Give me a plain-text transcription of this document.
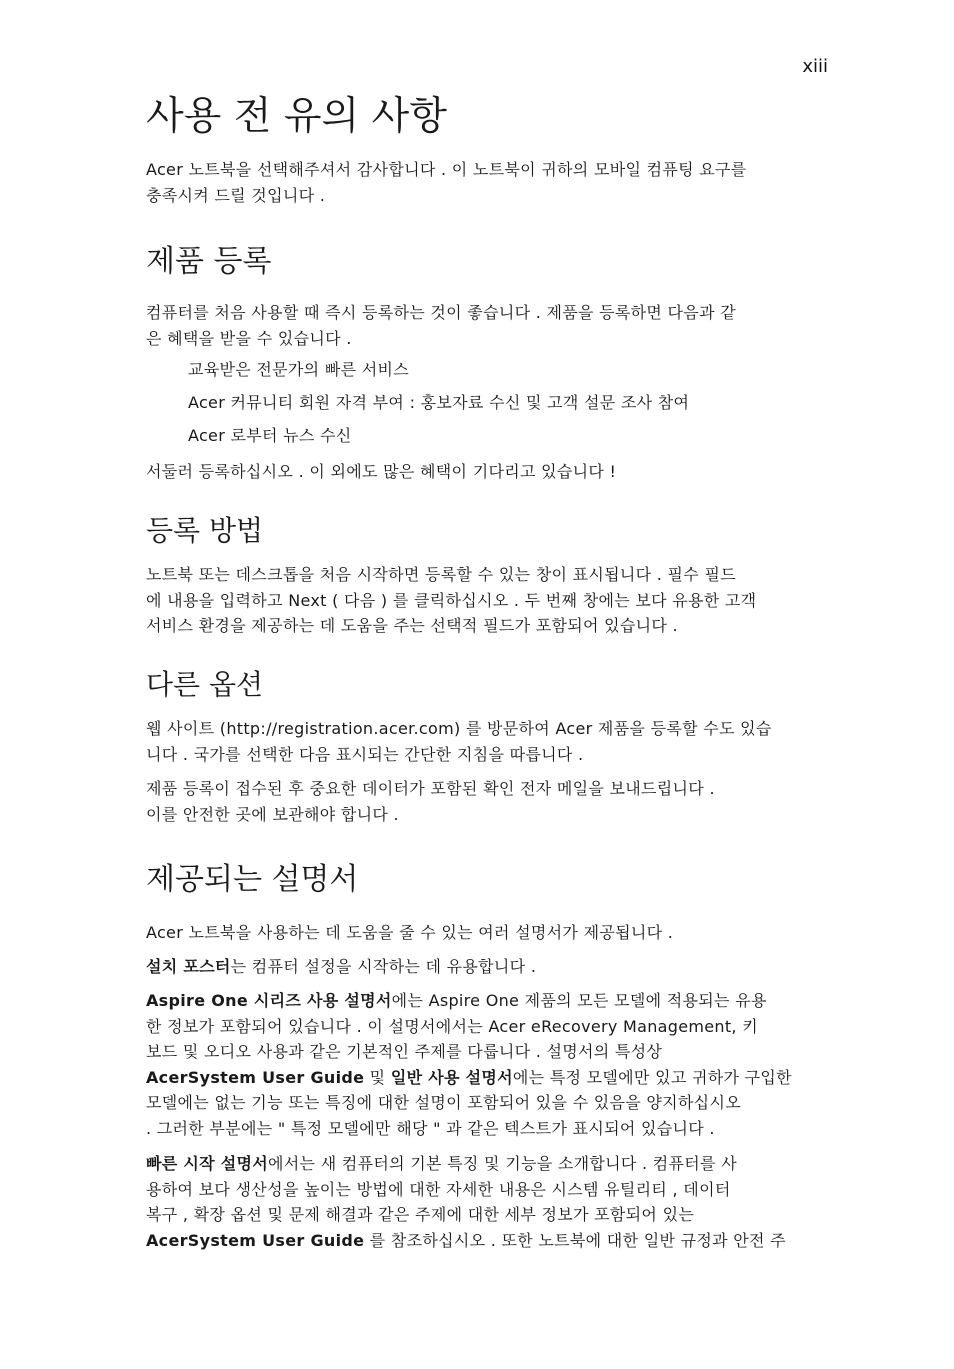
xiii
사용 전 유의 사항

Acer 노트북을 선택해주셔서 감사합니다 . 이 노트북이 귀하의 모바일 컴퓨팅 요구를

충족시켜 드릴 것입니다 .

제품 등록

컴퓨터를 처음 사용할 때 즉시 등록하는 것이 좋습니다 . 제품을 등록하면 다음과 같

은 혜택을 받을 수 있습니다 .

교육받은 전문가의 빠른 서비스

Acer 커뮤니티 회원 자격 부여 : 홍보자료 수신 및 고객 설문 조사 참여

Acer 로부터 뉴스 수신

서둘러 등록하십시오 . 이 외에도 많은 혜택이 기다리고 있습니다 !

등록 방법

노트북 또는 데스크톱을 처음 시작하면 등록할 수 있는 창이 표시됩니다 . 필수 필드

에 내용을 입력하고 Next ( 다음 ) 를 클릭하십시오 . 두 번째 창에는 보다 유용한 고객

서비스 환경을 제공하는 데 도움을 주는 선택적 필드가 포함되어 있습니다 .

다른 옵션

웹 사이트 (http://registration.acer.com) 를 방문하여 Acer 제품을 등록할 수도 있습

니다 . 국가를 선택한 다음 표시되는 간단한 지침을 따릅니다 .

제품 등록이 접수된 후 중요한 데이터가 포함된 확인 전자 메일을 보내드립니다 .

이를 안전한 곳에 보관해야 합니다 .

제공되는 설명서

Acer 노트북을 사용하는 데 도움을 줄 수 있는 여러 설명서가 제공됩니다 .

설치 포스터는 컴퓨터 설정을 시작하는 데 유용합니다 .

Aspire One 시리즈 사용 설명서에는 Aspire One 제품의 모든 모델에 적용되는 유용

한 정보가 포함되어 있습니다 . 이 설명서에서는 Acer eRecovery Management, 키

보드 및 오디오 사용과 같은 기본적인 주제를 다룹니다 . 설명서의 특성상

AcerSystem User Guide 및 일반 사용 설명서에는 특정 모델에만 있고 귀하가 구입한

모델에는 없는 기능 또는 특징에 대한 설명이 포함되어 있을 수 있음을 양지하십시오

. 그러한 부분에는 " 특정 모델에만 해당 " 과 같은 텍스트가 표시되어 있습니다 .

빠른 시작 설명서에서는 새 컴퓨터의 기본 특징 및 기능을 소개합니다 . 컴퓨터를 사

용하여 보다 생산성을 높이는 방법에 대한 자세한 내용은 시스템 유틸리티 , 데이터

복구 , 확장 옵션 및 문제 해결과 같은 주제에 대한 세부 정보가 포함되어 있는

AcerSystem User Guide 를 참조하십시오 . 또한 노트북에 대한 일반 규정과 안전 주
